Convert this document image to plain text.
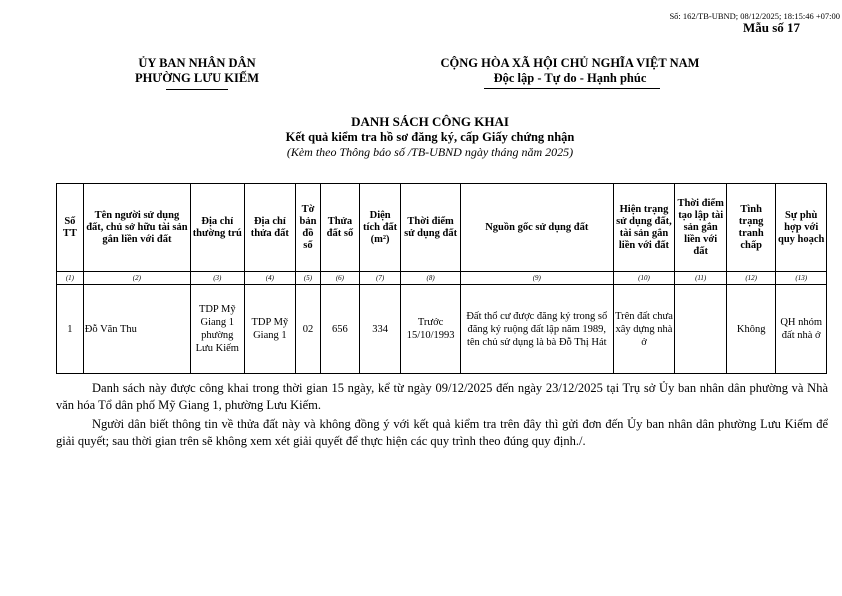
Số: 162/TB-UBND; 08/12/2025; 18:15:46 +07:00
Mẫu số 17
ỦY BAN NHÂN DÂN
PHƯỜNG LƯU KIẾM
CỘNG HÒA XÃ HỘI CHỦ NGHĨA VIỆT NAM
Độc lập - Tự do - Hạnh phúc
DANH SÁCH CÔNG KHAI
Kết quả kiểm tra hồ sơ đăng ký, cấp Giấy chứng nhận
(Kèm theo Thông báo số /TB-UBND ngày tháng năm 2025)
Số TT	Tên người sử dụng đất, chủ sở hữu tài sản gắn liền với đất	Địa chỉ thường trú	Địa chỉ thửa đất	Tờ bản đồ số	Thửa đất số	Diện tích đất (m²)	Thời điểm sử dụng đất	Nguồn gốc sử dụng đất	Hiện trạng sử dụng đất, tài sản gắn liền với đất	Thời điểm tạo lập tài sản gắn liền với đất	Tình trạng tranh chấp	Sự phù hợp với quy hoạch
(1)	(2)	(3)	(4)	(5)	(6)	(7)	(8)	(9)	(10)	(11)	(12)	(13)
1	Đỗ Văn Thu	TDP Mỹ Giang 1 phường Lưu Kiếm	TDP Mỹ Giang 1	02	656	334	Trước 15/10/1993	Đất thổ cư được đăng ký trong sổ đăng ký ruộng đất lập năm 1989, tên chủ sử dụng là bà Đỗ Thị Hát	Trên đất chưa xây dựng nhà ở		Không	QH nhóm đất nhà ở
Danh sách này được công khai trong thời gian 15 ngày, kể từ ngày 09/12/2025 đến ngày 23/12/2025 tại Trụ sở Ủy ban nhân dân phường và Nhà văn hóa Tổ dân phố Mỹ Giang 1, phường Lưu Kiếm.
Người dân biết thông tin về thửa đất này và không đồng ý với kết quả kiểm tra trên đây thì gửi đơn đến Ủy ban nhân dân phường Lưu Kiếm để giải quyết; sau thời gian trên sẽ không xem xét giải quyết để thực hiện các quy trình theo đúng quy định./.
